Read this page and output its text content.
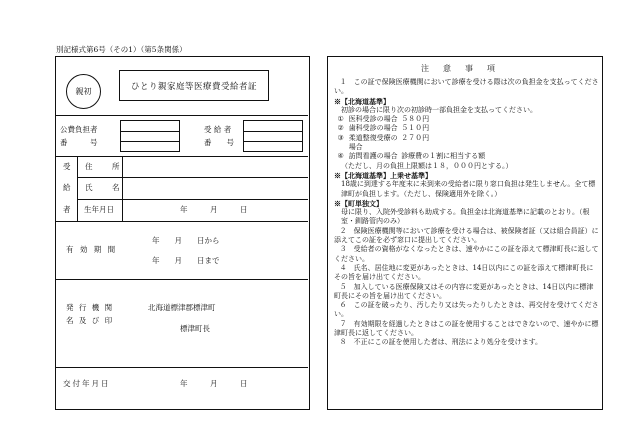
別記様式第6号（その1）（第5条関係）
親初	ひとり親家庭等医療費受給者証
公費負担者
番　　　号
受 給 者
番　　号
受
給
者
住　所
氏　名
生年月日	年　　　月　　　日
有 効 期 間
年　　月　　日から
年　　月　　日まで
発 行 機 関
名 及 び 印
北海道標津郡標津町
標津町長
交付年月日	年　　　月　　　日
注意事項
１　この証で保険医療機関において診療を受ける際は次の負担金を支払ってください。
※【北海道基準】
初診の場合に限り次の初診時一部負担金を支払ってください。
① 医科受診の場合 ５８０円
② 歯科受診の場合 ５１０円
③ 柔道整復受療の場合
２７０円
④ 訪問看護の場合 診療費の１割に相当する額
（ただし、月の負担上限額は１８，０００円とする。）
※【北海道基準】上乗せ基準】
18歳に到達する年度末に未到来の受給者に限り窓口負担は発生しません。全て標津町が負担します。（ただし、保険適用外を除く。）
※【町単独文】
母に限り、入院外受診料も助成する。負担金は北海道基準に記載のとおり。（根室・釧路管内のみ）
２　保険医療機関等において診療を受ける場合は、被保険者証（又は組合員証）に添えてこの証を必ず窓口に提出してください。
３　受給者の資格がなくなったときは、速やかにこの証を添えて標津町長に返してください。
４　氏名、居住地に変更があったときは、14日以内にこの証を添えて標津町長にその旨を届け出てください。
５　加入している医療保険又はその内容に変更があったときは、14日以内に標津町長にその旨を届け出てください。
６　この証を破ったり、汚したり又は失ったりしたときは、再交付を受けてください。
７　有効期限を経過したときはこの証を使用することはできないので、速やかに標津町長に返してください。
８　不正にこの証を使用した者は、刑法により処分を受けます。
